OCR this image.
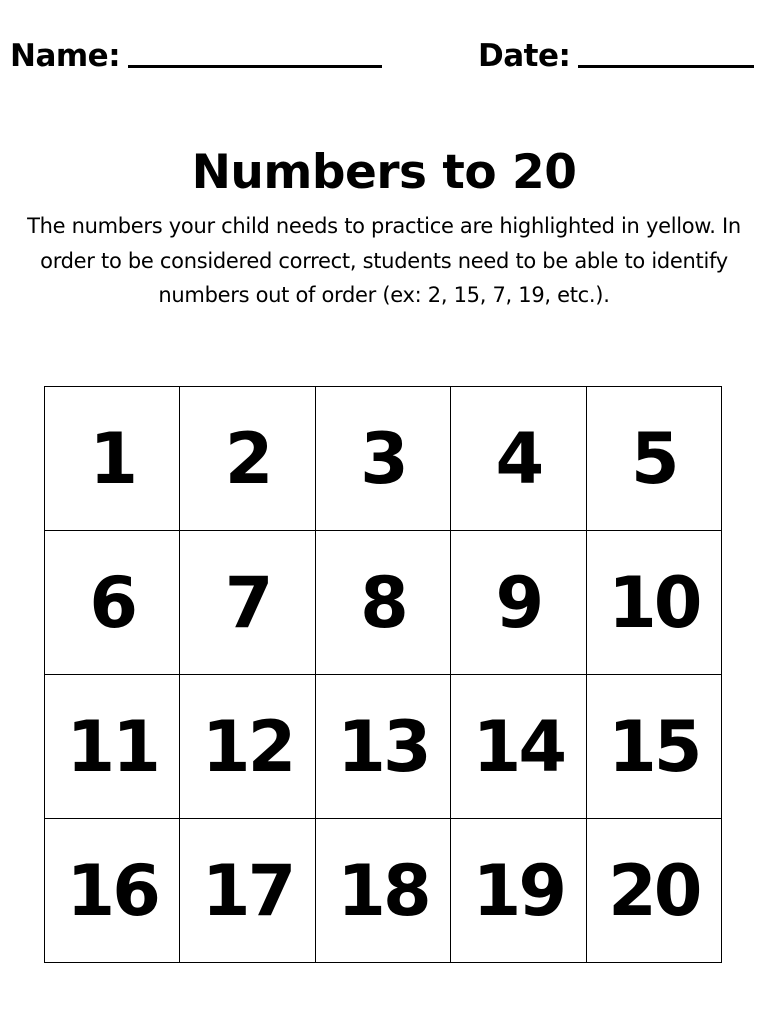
Name:	Date:
Numbers to 20

The numbers your child needs to practice are highlighted in yellow. In order to be considered correct, students need to be able to identify numbers out of order (ex: 2, 15, 7, 19, etc.).

1	2	3	4	5
6	7	8	9 10
11 12 13 14 15
16 17 18 19 20
